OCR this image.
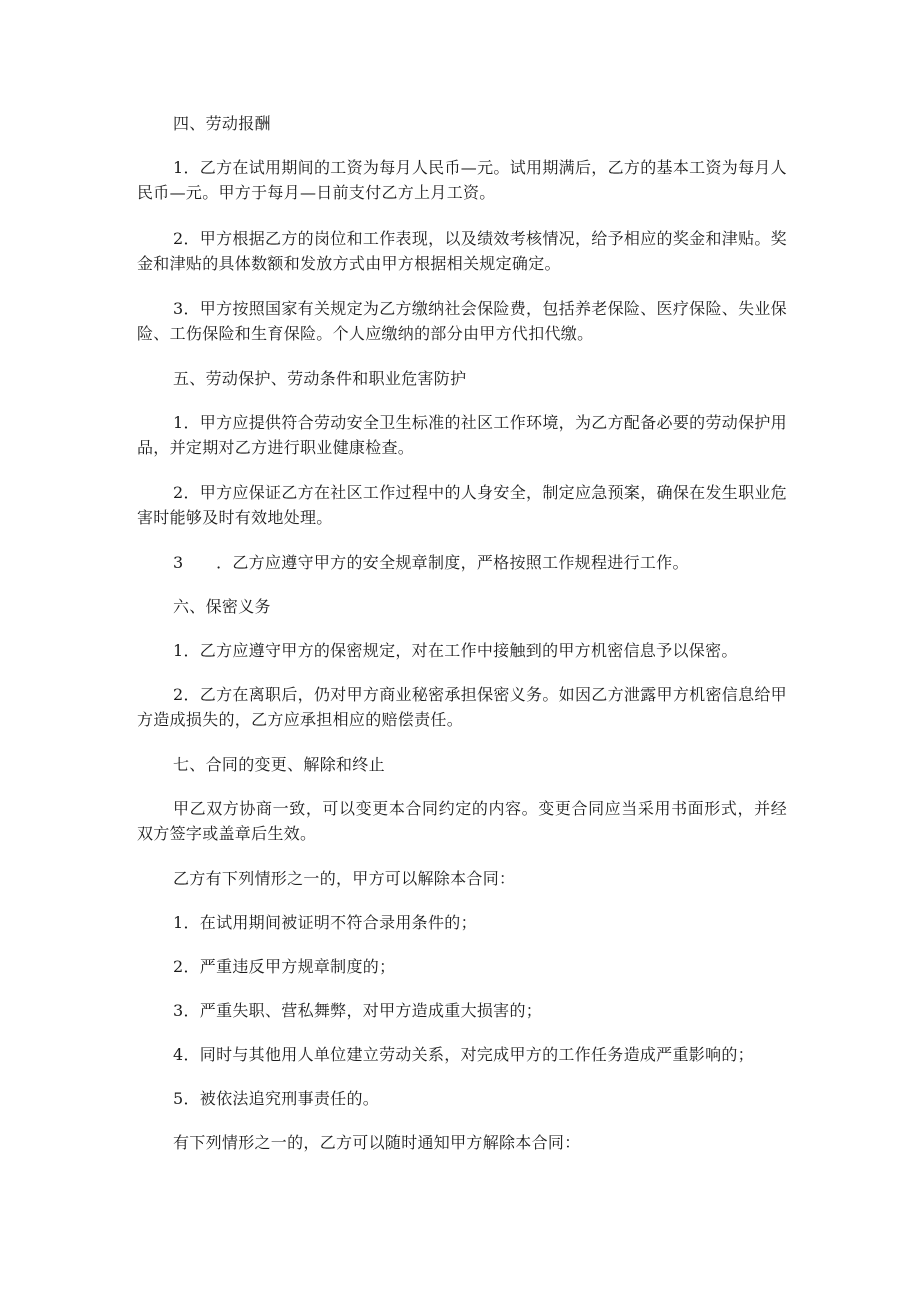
四、劳动报酬

1．乙方在试用期间的工资为每月人民币—元。试用期满后，乙方的基本工资为每月人民币—元。甲方于每月—日前支付乙方上月工资。

2．甲方根据乙方的岗位和工作表现，以及绩效考核情况，给予相应的奖金和津贴。奖金和津贴的具体数额和发放方式由甲方根据相关规定确定。

3．甲方按照国家有关规定为乙方缴纳社会保险费，包括养老保险、医疗保险、失业保险、工伤保险和生育保险。个人应缴纳的部分由甲方代扣代缴。

五、劳动保护、劳动条件和职业危害防护

1．甲方应提供符合劳动安全卫生标准的社区工作环境，为乙方配备必要的劳动保护用品，并定期对乙方进行职业健康检查。

2．甲方应保证乙方在社区工作过程中的人身安全，制定应急预案，确保在发生职业危害时能够及时有效地处理。

3　　．乙方应遵守甲方的安全规章制度，严格按照工作规程进行工作。

六、保密义务

1．乙方应遵守甲方的保密规定，对在工作中接触到的甲方机密信息予以保密。

2．乙方在离职后，仍对甲方商业秘密承担保密义务。如因乙方泄露甲方机密信息给甲方造成损失的，乙方应承担相应的赔偿责任。

七、合同的变更、解除和终止

甲乙双方协商一致，可以变更本合同约定的内容。变更合同应当采用书面形式，并经双方签字或盖章后生效。

乙方有下列情形之一的，甲方可以解除本合同：

1．在试用期间被证明不符合录用条件的；

2．严重违反甲方规章制度的；

3．严重失职、营私舞弊，对甲方造成重大损害的；

4．同时与其他用人单位建立劳动关系，对完成甲方的工作任务造成严重影响的；

5．被依法追究刑事责任的。

有下列情形之一的，乙方可以随时通知甲方解除本合同：
